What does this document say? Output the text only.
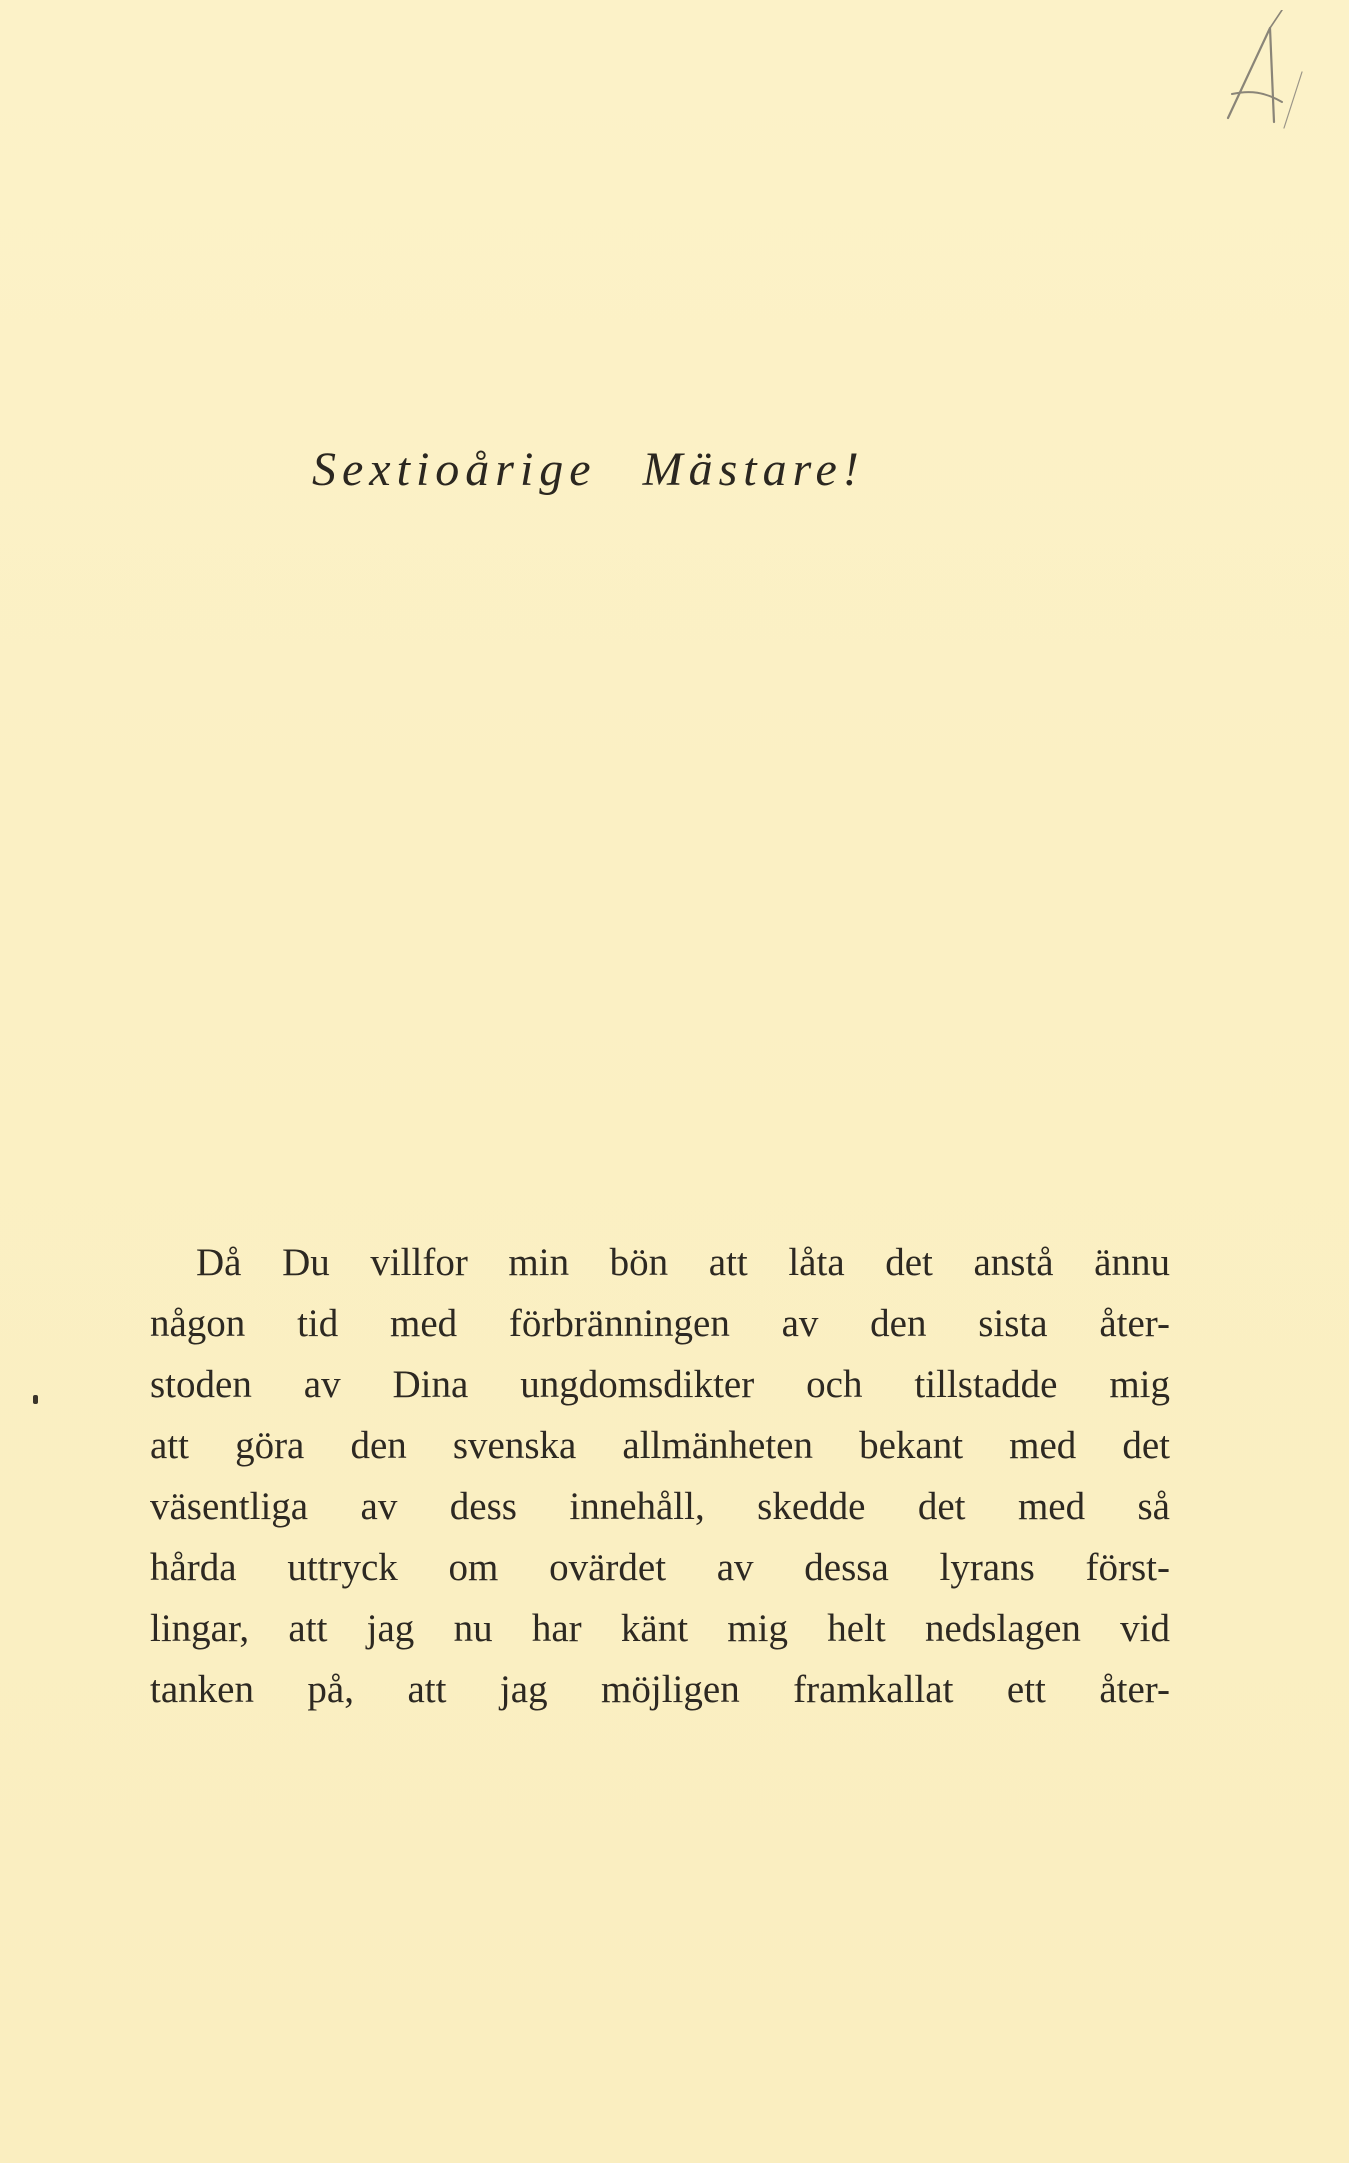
Sextioårige Mästare!
Då Du villfor min bön att låta det anstå ännu
någon tid med förbränningen av den sista åter-
stoden av Dina ungdomsdikter och tillstadde mig
att göra den svenska allmänheten bekant med det
väsentliga av dess innehåll, skedde det med så
hårda uttryck om ovärdet av dessa lyrans först-
lingar, att jag nu har känt mig helt nedslagen vid
tanken på, att jag möjligen framkallat ett åter-
